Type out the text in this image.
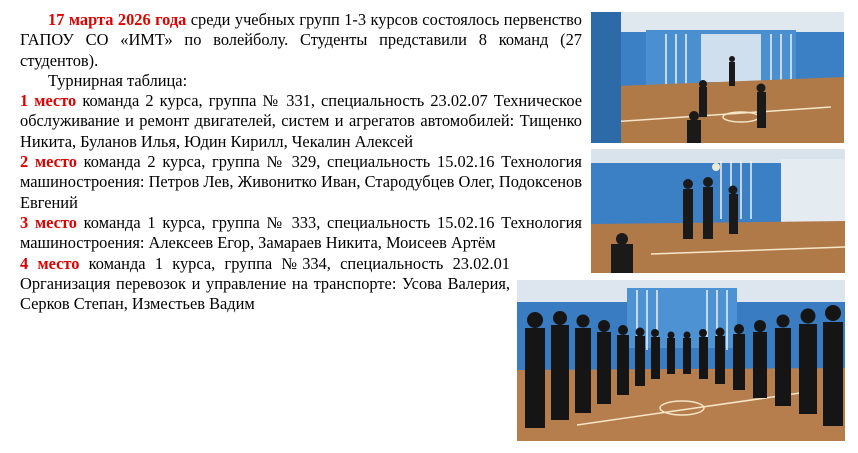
17 марта 2026 года среди учебных групп 1-3 курсов состоялось первенство ГАПОУ СО «ИМТ» по волейболу. Студенты представили 8 команд (27 студентов).

Турнирная таблица:

1 место команда 2 курса, группа № 331, специальность 23.02.07 Техническое обслуживание и ремонт двигателей, систем и агрегатов автомобилей: Тищенко Никита, Буланов Илья, Юдин Кирилл, Чекалин Алексей

2 место команда 2 курса, группа № 329, специальность 15.02.16 Технология машиностроения: Петров Лев, Живонитко Иван, Стародубцев Олег, Подоксенов Евгений

3 место команда 1 курса, группа № 333, специальность 15.02.16 Технология машиностроения: Алексеев Егор, Замараев Никита, Моисеев Артём

4 место команда 1 курса, группа №334, специальность 23.02.01 Организация перевозок и управление на транспорте: Усова Валерия, Серков Степан, Изместьев Вадим
